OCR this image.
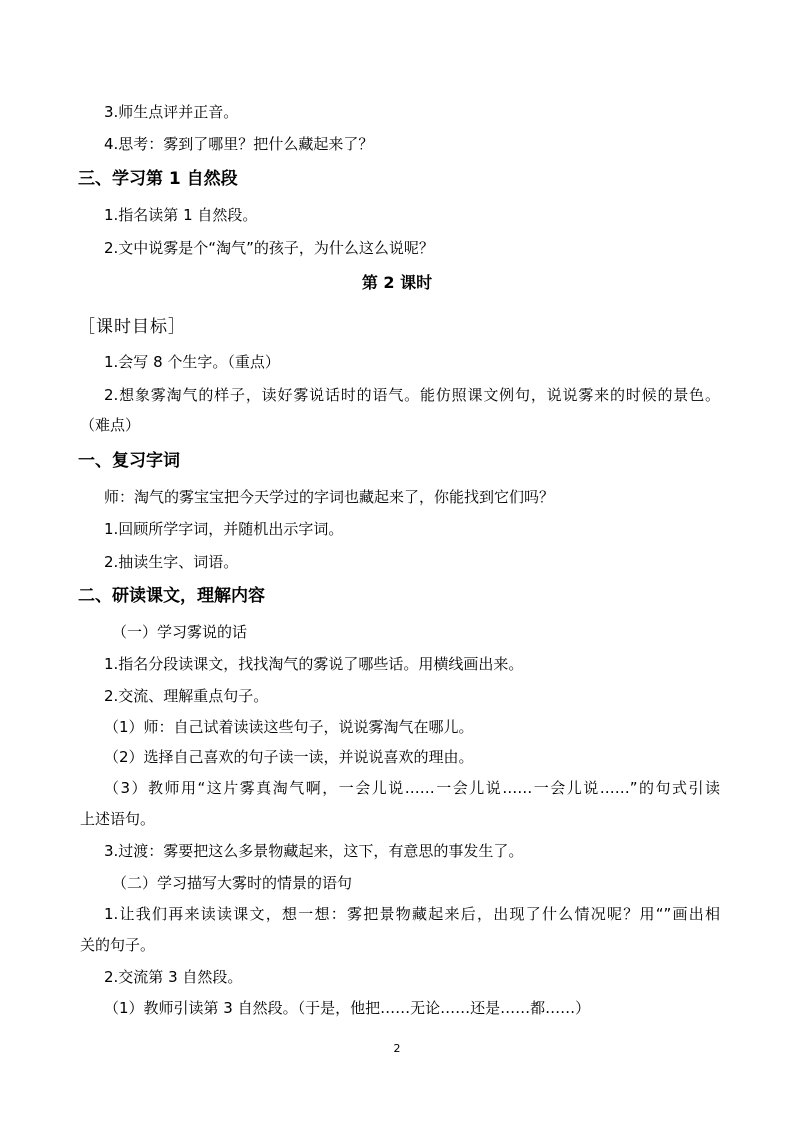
3.师生点评并正音。
4.思考：雾到了哪里？把什么藏起来了？
三、学习第 1 自然段
1.指名读第 1 自然段。
2.文中说雾是个“淘气”的孩子，为什么这么说呢？
第 2 课时
［课时目标］
1.会写 8 个生字。（重点）
2.想象雾淘气的样子，读好雾说话时的语气。能仿照课文例句，说说雾来的时候的景色。
（难点）
一、复习字词
师：淘气的雾宝宝把今天学过的字词也藏起来了，你能找到它们吗？
1.回顾所学字词，并随机出示字词。
2.抽读生字、词语。
二、研读课文，理解内容
（一）学习雾说的话
1.指名分段读课文，找找淘气的雾说了哪些话。用横线画出来。
2.交流、理解重点句子。
（1）师：自己试着读读这些句子，说说雾淘气在哪儿。
（2）选择自己喜欢的句子读一读，并说说喜欢的理由。
（3）教师用“这片雾真淘气啊，一会儿说……一会儿说……一会儿说……”的句式引读
上述语句。
3.过渡：雾要把这么多景物藏起来，这下，有意思的事发生了。
（二）学习描写大雾时的情景的语句
1.让我们再来读读课文，想一想：雾把景物藏起来后，出现了什么情况呢？用“”画出相
关的句子。
2.交流第 3 自然段。
（1）教师引读第 3 自然段。（于是，他把……无论……还是……都……）
2
